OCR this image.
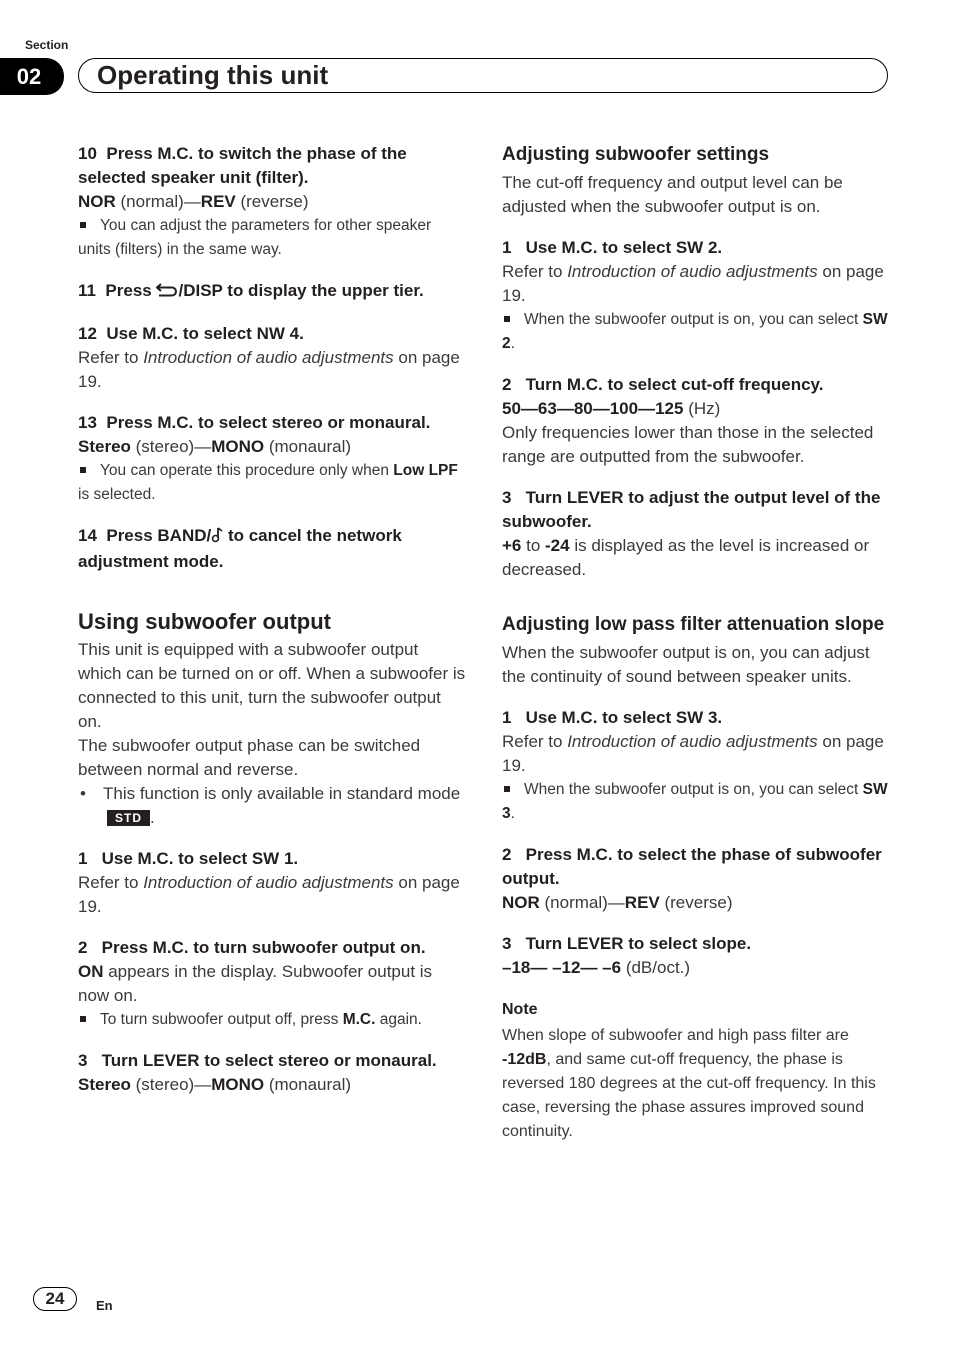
Section
02	Operating this unit

10  Press M.C. to switch the phase of the
selected speaker unit (filter).

NOR (normal)—REV (reverse)

You can adjust the parameters for other speaker units (filters) in the same way.

11  Press /DISP to display the upper tier.

12  Use M.C. to select NW 4.

Refer to Introduction of audio adjustments on page 19.

13  Press M.C. to select stereo or monaural.

Stereo (stereo)—MONO (monaural)

You can operate this procedure only when Low LPF is selected.

14  Press BAND/ to cancel the network adjustment mode.

Using subwoofer output

This unit is equipped with a subwoofer output which can be turned on or off. When a subwoofer is connected to this unit, turn the subwoofer output on.

The subwoofer output phase can be switched between normal and reverse.

• This function is only available in standard modeSTD .

1   Use M.C. to select SW 1.

Refer to Introduction of audio adjustments on page 19.

2   Press M.C. to turn subwoofer output on.

ON appears in the display. Subwoofer output is now on.

To turn subwoofer output off, press M.C. again.

3   Turn LEVER to select stereo or monaural.

Stereo (stereo)—MONO (monaural)

Adjusting subwoofer settings

The cut-off frequency and output level can be adjusted when the subwoofer output is on.

1   Use M.C. to select SW 2.

Refer to Introduction of audio adjustments on page 19.

When the subwoofer output is on, you can select SW 2.

2   Turn M.C. to select cut-off frequency.

50—63—80—100—125 (Hz)

Only frequencies lower than those in the selected range are outputted from the subwoofer.

3   Turn LEVER to adjust the output level of the subwoofer.

+6 to -24 is displayed as the level is increased or decreased.

Adjusting low pass filter attenuation slope

When the subwoofer output is on, you can adjust the continuity of sound between speaker units.

1   Use M.C. to select SW 3.

Refer to Introduction of audio adjustments on page 19.

When the subwoofer output is on, you can select SW 3.

2   Press M.C. to select the phase of subwoofer output.

NOR (normal)—REV (reverse)

3   Turn LEVER to select slope.

–18— –12— –6 (dB/oct.)

Note

When slope of subwoofer and high pass filter are -12dB, and same cut-off frequency, the phase is reversed 180 degrees at the cut-off frequency. In this case, reversing the phase assures improved sound continuity.

24	En
